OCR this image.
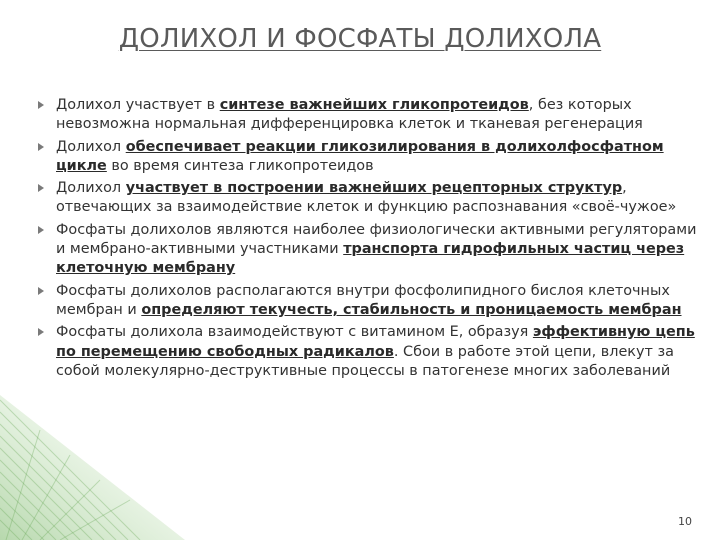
ДОЛИХОЛ И ФОСФАТЫ ДОЛИХОЛА
Долихол участвует в синтезе важнейших гликопротеидов, без которых невозможна нормальная дифференцировка клеток и тканевая регенерация
Долихол обеспечивает реакции гликозилирования в долихолфосфатном цикле во время синтеза гликопротеидов
Долихол участвует в построении важнейших рецепторных структур, отвечающих за взаимодействие клеток и функцию распознавания «своё-чужое»
Фосфаты долихолов являются наиболее физиологически активными регуляторами и мембрано-активными участниками транспорта гидрофильных частиц через клеточную мембрану
Фосфаты долихолов располагаются внутри фосфолипидного бислоя клеточных мембран и определяют текучесть, стабильность и проницаемость мембран
Фосфаты долихола взаимодействуют с витамином Е, образуя эффективную цепь по перемещению свободных радикалов. Сбои в работе этой цепи, влекут за собой молекулярно-деструктивные процессы в патогенезе многих заболеваний
10
